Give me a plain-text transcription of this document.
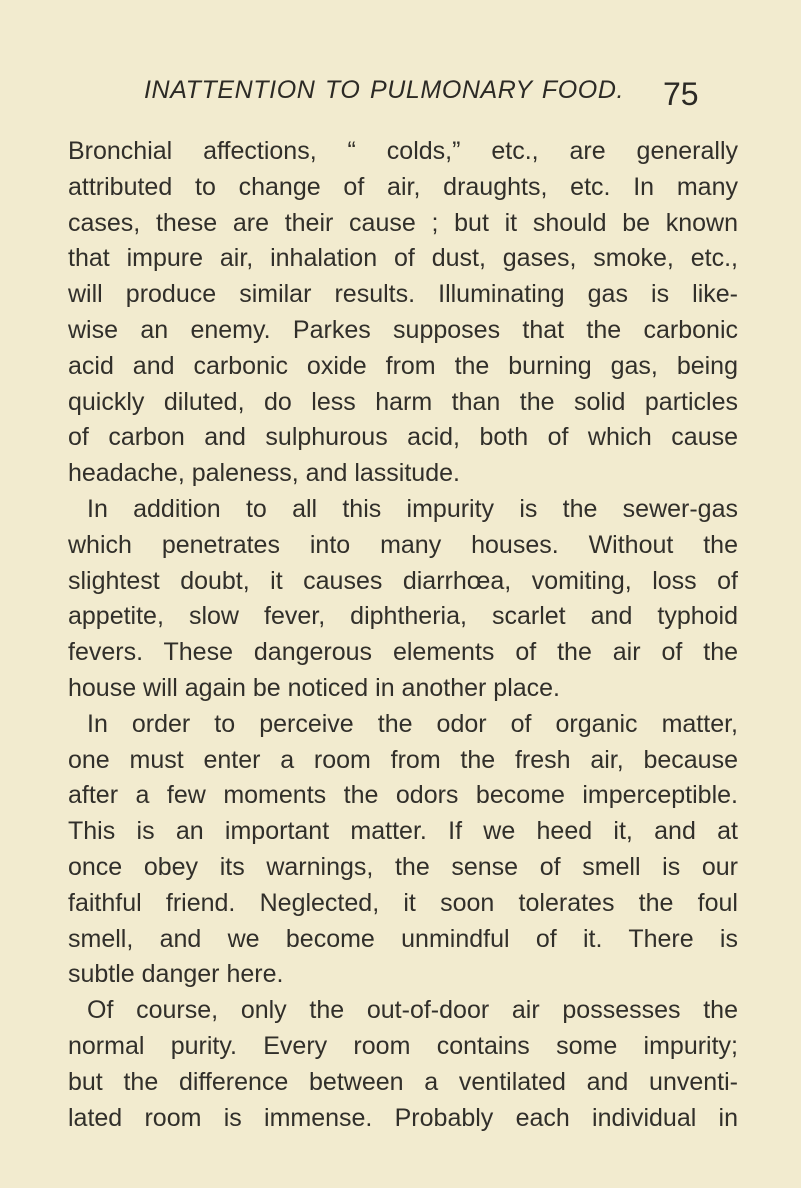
INATTENTION TO PULMONARY FOOD. 75
Bronchial affections, “ colds,” etc., are generally
attributed to change of air, draughts, etc. In many
cases, these are their cause ; but it should be known
that impure air, inhalation of dust, gases, smoke, etc.,
will produce similar results. Illuminating gas is like-
wise an enemy. Parkes supposes that the carbonic
acid and carbonic oxide from the burning gas, being
quickly diluted, do less harm than the solid particles
of carbon and sulphurous acid, both of which cause
headache, paleness, and lassitude.
In addition to all this impurity is the sewer-gas
which penetrates into many houses. Without the
slightest doubt, it causes diarrhœa, vomiting, loss of
appetite, slow fever, diphtheria, scarlet and typhoid
fevers. These dangerous elements of the air of the
house will again be noticed in another place.
In order to perceive the odor of organic matter,
one must enter a room from the fresh air, because
after a few moments the odors become imperceptible.
This is an important matter. If we heed it, and at
once obey its warnings, the sense of smell is our
faithful friend. Neglected, it soon tolerates the foul
smell, and we become unmindful of it. There is
subtle danger here.
Of course, only the out-of-door air possesses the
normal purity. Every room contains some impurity;
but the difference between a ventilated and unventi-
lated room is immense. Probably each individual in
